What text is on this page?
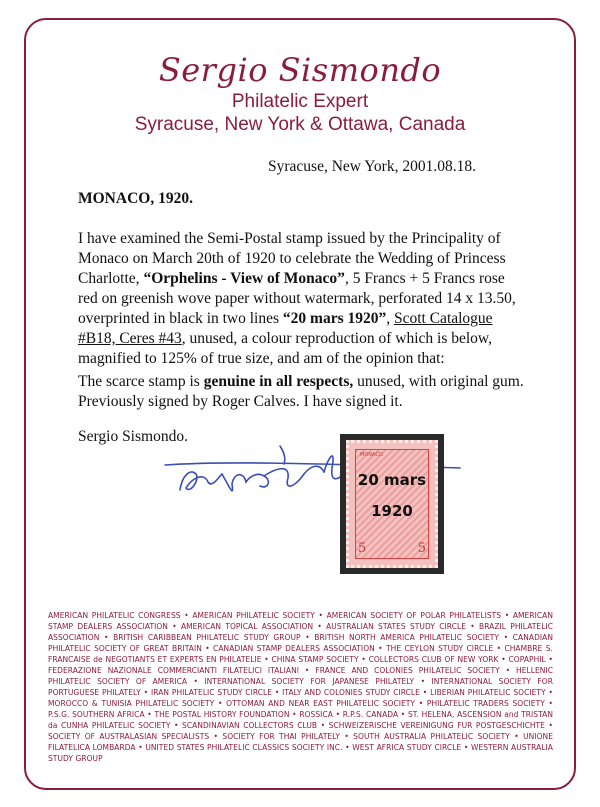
Sergio Sismondo
Philatelic Expert
Syracuse, New York & Ottawa, Canada
Syracuse, New York, 2001.08.18.
MONACO, 1920.
I have examined the Semi-Postal stamp issued by the Principality of Monaco on March 20th of 1920 to celebrate the Wedding of Princess Charlotte, “Orphelins - View of Monaco”, 5 Francs + 5 Francs rose red on greenish wove paper without watermark, perforated 14 x 13.50, overprinted in black in two lines “20 mars 1920”, Scott Catalogue #B18, Ceres #43, unused, a colour reproduction of which is below, magnified to 125% of true size, and am of the opinion that:
The scarce stamp is genuine in all respects, unused, with original gum. Previously signed by Roger Calves. I have signed it.
Sergio Sismondo.
MONACO
20 mars
1920
5	5
AMERICAN PHILATELIC CONGRESS • AMERICAN PHILATELIC SOCIETY • AMERICAN SOCIETY OF POLAR PHILATELISTS • AMERICAN STAMP DEALERS ASSOCIATION • AMERICAN TOPICAL ASSOCIATION • AUSTRALIAN STATES STUDY CIRCLE • BRAZIL PHILATELIC ASSOCIATION • BRITISH CARIBBEAN PHILATELIC STUDY GROUP • BRITISH NORTH AMERICA PHILATELIC SOCIETY • CANADIAN PHILATELIC SOCIETY OF GREAT BRITAIN • CANADIAN STAMP DEALERS ASSOCIATION • THE CEYLON STUDY CIRCLE • CHAMBRE S. FRANCAISE de NEGOTIANTS ET EXPERTS EN PHILATELIE • CHINA STAMP SOCIETY • COLLECTORS CLUB OF NEW YORK • COPAPHIL • FEDERAZIONE NAZIONALE COMMERCIANTI FILATELICI ITALIANI • FRANCE AND COLONIES PHILATELIC SOCIETY • HELLENIC PHILATELIC SOCIETY OF AMERICA • INTERNATIONAL SOCIETY FOR JAPANESE PHILATELY • INTERNATIONAL SOCIETY FOR PORTUGUESE PHILATELY • IRAN PHILATELIC STUDY CIRCLE • ITALY AND COLONIES STUDY CIRCLE • LIBERIAN PHILATELIC SOCIETY • MOROCCO & TUNISIA PHILATELIC SOCIETY • OTTOMAN AND NEAR EAST PHILATELIC SOCIETY • PHILATELIC TRADERS SOCIETY • P.S.G. SOUTHERN AFRICA • THE POSTAL HISTORY FOUNDATION • ROSSICA • R.P.S. CANADA • ST. HELENA, ASCENSION and TRISTAN da CUNHA PHILATELIC SOCIETY • SCANDINAVIAN COLLECTORS CLUB • SCHWEIZERISCHE VEREINIGUNG FUR POSTGESCHICHTE • SOCIETY OF AUSTRALASIAN SPECIALISTS • SOCIETY FOR THAI PHILATELY • SOUTH AUSTRALIA PHILATELIC SOCIETY • UNIONE FILATELICA LOMBARDA • UNITED STATES PHILATELIC CLASSICS SOCIETY INC. • WEST AFRICA STUDY CIRCLE • WESTERN AUSTRALIA STUDY GROUP
